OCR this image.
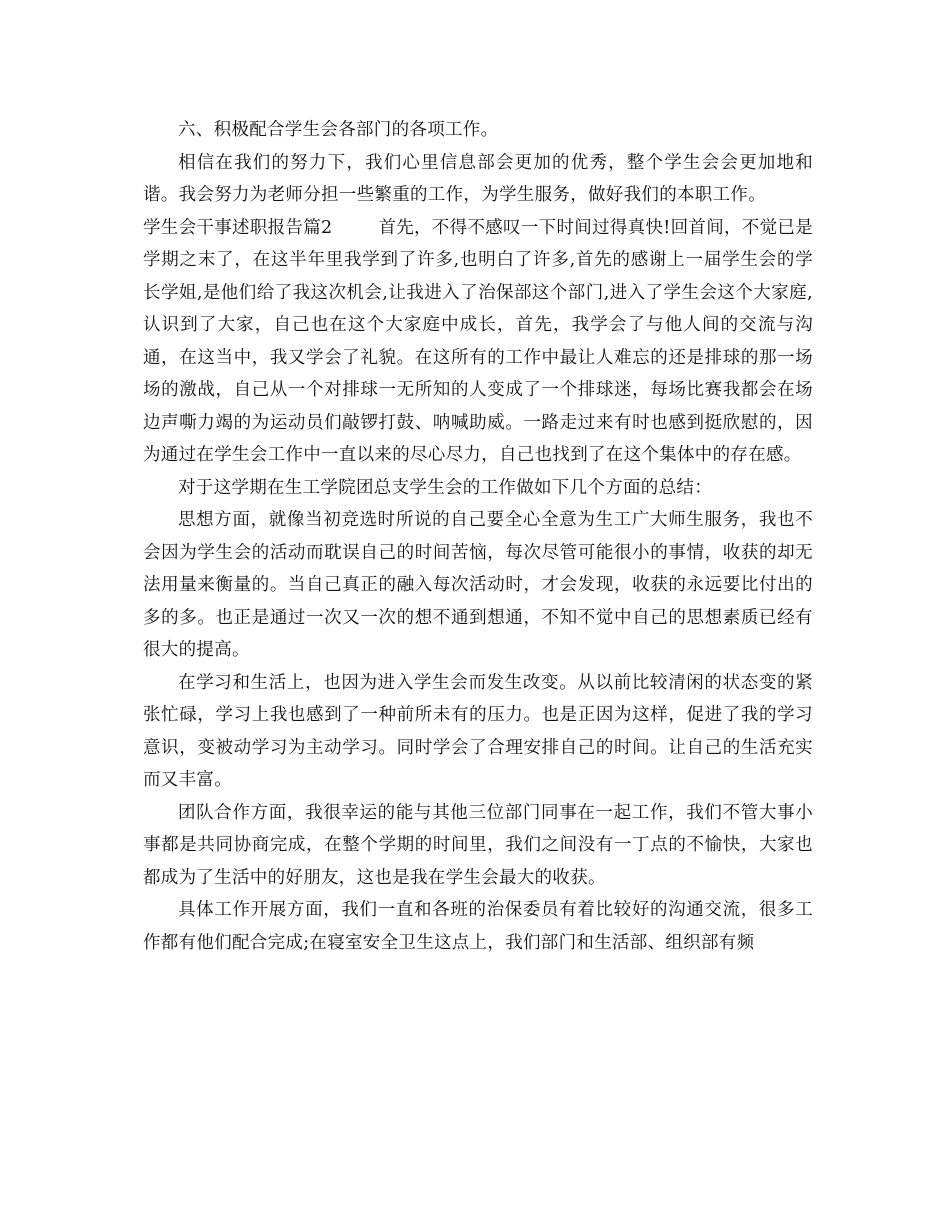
六、积极配合学生会各部门的各项工作。

相信在我们的努力下，我们心里信息部会更加的优秀，整个学生会会更加地和谐。我会努力为老师分担一些繁重的工作，为学生服务，做好我们的本职工作。

学生会干事述职报告篇2	首先，不得不感叹一下时间过得真快!回首间，不觉已是学期之末了，在这半年里我学到了许多,也明白了许多,首先的感谢上一届学生会的学长学姐,是他们给了我这次机会,让我进入了治保部这个部门,进入了学生会这个大家庭,认识到了大家，自己也在这个大家庭中成长，首先，我学会了与他人间的交流与沟通，在这当中，我又学会了礼貌。在这所有的工作中最让人难忘的还是排球的那一场场的激战，自己从一个对排球一无所知的人变成了一个排球迷，每场比赛我都会在场边声嘶力竭的为运动员们敲锣打鼓、呐喊助威。一路走过来有时也感到挺欣慰的，因为通过在学生会工作中一直以来的尽心尽力，自己也找到了在这个集体中的存在感。

对于这学期在生工学院团总支学生会的工作做如下几个方面的总结：

思想方面，就像当初竞选时所说的自己要全心全意为生工广大师生服务，我也不会因为学生会的活动而耽误自己的时间苦恼，每次尽管可能很小的事情，收获的却无法用量来衡量的。当自己真正的融入每次活动时，才会发现，收获的永远要比付出的多的多。也正是通过一次又一次的想不通到想通，不知不觉中自己的思想素质已经有很大的提高。

在学习和生活上，也因为进入学生会而发生改变。从以前比较清闲的状态变的紧张忙碌，学习上我也感到了一种前所未有的压力。也是正因为这样，促进了我的学习意识，变被动学习为主动学习。同时学会了合理安排自己的时间。让自己的生活充实而又丰富。

团队合作方面，我很幸运的能与其他三位部门同事在一起工作，我们不管大事小事都是共同协商完成，在整个学期的时间里，我们之间没有一丁点的不愉快，大家也都成为了生活中的好朋友，这也是我在学生会最大的收获。

具体工作开展方面，我们一直和各班的治保委员有着比较好的沟通交流，很多工作都有他们配合完成;在寝室安全卫生这点上，我们部门和生活部、组织部有频
